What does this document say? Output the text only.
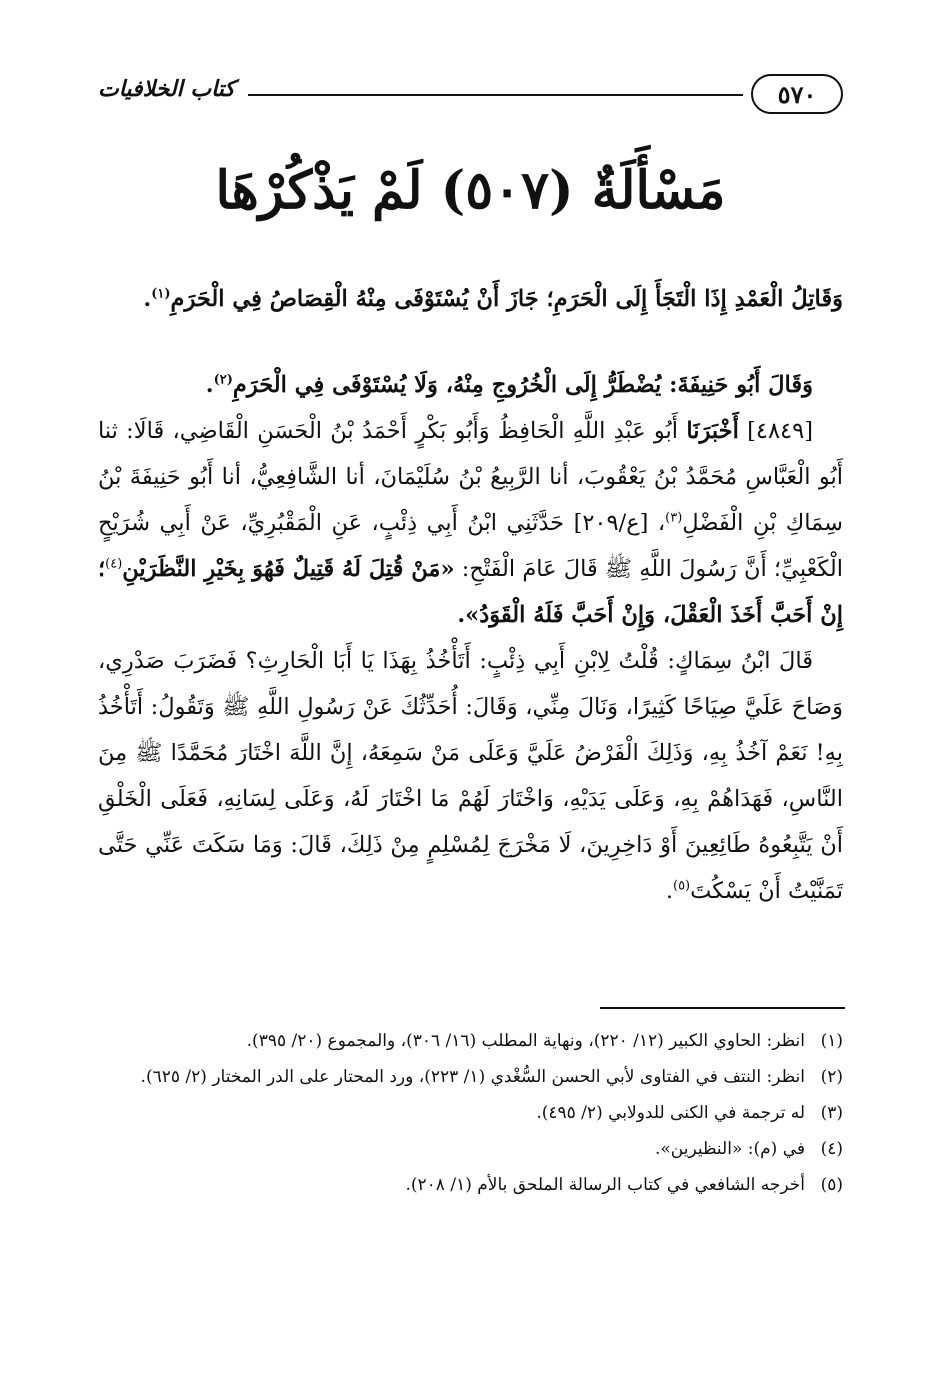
٥٧٠
كتاب الخلافيات
مَسْأَلَةٌ (٥٠٧) لَمْ يَذْكُرْهَا

وَقَاتِلُ الْعَمْدِ إِذَا الْتَجَأَ إِلَى الْحَرَمِ؛ جَازَ أَنْ يُسْتَوْفَى مِنْهُ الْقِصَاصُ فِي الْحَرَمِ$^{(١)}$.

وَقَالَ أَبُو حَنِيفَةَ: يُضْطَرُّ إِلَى الْخُرُوجِ مِنْهُ، وَلَا يُسْتَوْفَى فِي الْحَرَمِ$^{(٢)}$.

[٤٨٤٩] أَخْبَرَنَا أَبُو عَبْدِ اللَّهِ الْحَافِظُ وَأَبُو بَكْرٍ أَحْمَدُ بْنُ الْحَسَنِ الْقَاضِي، قَالَا: ثنا أَبُو الْعَبَّاسِ مُحَمَّدُ بْنُ يَعْقُوبَ، أنا الرَّبِيعُ بْنُ سُلَيْمَانَ، أنا الشَّافِعِيُّ، أنا أَبُو حَنِيفَةَ بْنُ سِمَاكِ بْنِ الْفَضْلِ$^{(٣)}$، [ع/٢٠٩] حَدَّثَنِي ابْنُ أَبِي ذِئْبٍ، عَنِ الْمَقْبُرِيِّ، عَنْ أَبِي شُرَيْحٍ الْكَعْبِيِّ؛ أَنَّ رَسُولَ اللَّهِ ﷺ قَالَ عَامَ الْفَتْحِ: «مَنْ قُتِلَ لَهُ قَتِيلٌ فَهُوَ بِخَيْرِ النَّظَرَيْنِ$^{(٤)}$؛ إِنْ أَحَبَّ أَخَذَ الْعَقْلَ، وَإِنْ أَحَبَّ فَلَهُ الْقَوَدُ».

قَالَ ابْنُ سِمَاكٍ: قُلْتُ لِابْنِ أَبِي ذِئْبٍ: أَتَأْخُذُ بِهَذَا يَا أَبَا الْحَارِثِ؟ فَضَرَبَ صَدْرِي، وَصَاحَ عَلَيَّ صِيَاحًا كَثِيرًا، وَنَالَ مِنِّي، وَقَالَ: أُحَدِّثُكَ عَنْ رَسُولِ اللَّهِ ﷺ وَتَقُولُ: أَتَأْخُذُ بِهِ! نَعَمْ آخُذُ بِهِ، وَذَلِكَ الْفَرْضُ عَلَيَّ وَعَلَى مَنْ سَمِعَهُ، إِنَّ اللَّهَ اخْتَارَ مُحَمَّدًا ﷺ مِنَ النَّاسِ، فَهَدَاهُمْ بِهِ، وَعَلَى يَدَيْهِ، وَاخْتَارَ لَهُمْ مَا اخْتَارَ لَهُ، وَعَلَى لِسَانِهِ، فَعَلَى الْخَلْقِ أَنْ يَتَّبِعُوهُ طَائِعِينَ أَوْ دَاخِرِينَ، لَا مَخْرَجَ لِمُسْلِمٍ مِنْ ذَلِكَ، قَالَ: وَمَا سَكَتَ عَنِّي حَتَّى تَمَنَّيْتُ أَنْ يَسْكُتَ$^{(٥)}$.

(١)
انظر: الحاوي الكبير (١٢/ ٢٢٠)، ونهاية المطلب (١٦/ ٣٠٦)، والمجموع (٢٠/ ٣٩٥).
(٢)
انظر: النتف في الفتاوى لأبي الحسن السُّغْدي (١/ ٢٢٣)، ورد المحتار على الدر المختار (٢/ ٦٢٥).
(٣)
له ترجمة في الكنى للدولابي (٢/ ٤٩٥).
(٤)
في (م): «النظيرين».
(٥)
أخرجه الشافعي في كتاب الرسالة الملحق بالأم (١/ ٢٠٨).
